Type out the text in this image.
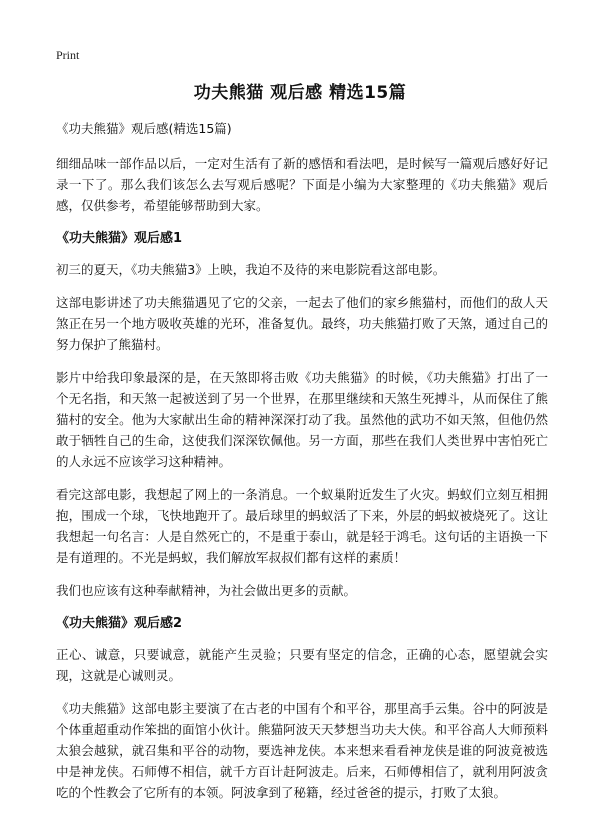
Print
功夫熊猫 观后感 精选15篇

《功夫熊猫》观后感(精选15篇)

细细品味一部作品以后，一定对生活有了新的感悟和看法吧，是时候写一篇观后感好好记录一下了。那么我们该怎么去写观后感呢？下面是小编为大家整理的《功夫熊猫》观后感，仅供参考，希望能够帮助到大家。

《功夫熊猫》观后感1

初三的夏天，《功夫熊猫3》上映，我迫不及待的来电影院看这部电影。

这部电影讲述了功夫熊猫遇见了它的父亲，一起去了他们的家乡熊猫村，而他们的敌人天煞正在另一个地方吸收英雄的光环，准备复仇。最终，功夫熊猫打败了天煞，通过自己的努力保护了熊猫村。

影片中给我印象最深的是，在天煞即将击败《功夫熊猫》的时候，《功夫熊猫》打出了一个无名指，和天煞一起被送到了另一个世界，在那里继续和天煞生死搏斗，从而保住了熊猫村的安全。他为大家献出生命的精神深深打动了我。虽然他的武功不如天煞，但他仍然敢于牺牲自己的生命，这使我们深深钦佩他。另一方面，那些在我们人类世界中害怕死亡的人永远不应该学习这种精神。

看完这部电影，我想起了网上的一条消息。一个蚁巢附近发生了火灾。蚂蚁们立刻互相拥抱，围成一个球，飞快地跑开了。最后球里的蚂蚁活了下来，外层的蚂蚁被烧死了。这让我想起一句名言：人是自然死亡的，不是重于泰山，就是轻于鸿毛。这句话的主语换一下是有道理的。不光是蚂蚁，我们解放军叔叔们都有这样的素质！

我们也应该有这种奉献精神，为社会做出更多的贡献。

《功夫熊猫》观后感2

正心、诚意，只要诚意，就能产生灵验；只要有坚定的信念，正确的心态，愿望就会实现，这就是心诚则灵。

《功夫熊猫》这部电影主要演了在古老的中国有个和平谷，那里高手云集。谷中的阿波是个体重超重动作笨拙的面馆小伙计。熊猫阿波天天梦想当功夫大侠。和平谷高人大师预料太狼会越狱，就召集和平谷的动物，要选神龙侠。本来想来看看神龙侠是谁的阿波竟被选中是神龙侠。石师傅不相信，就千方百计赶阿波走。后来，石师傅相信了，就利用阿波贪吃的个性教会了它所有的本领。阿波拿到了秘籍，经过爸爸的提示，打败了太狼。
